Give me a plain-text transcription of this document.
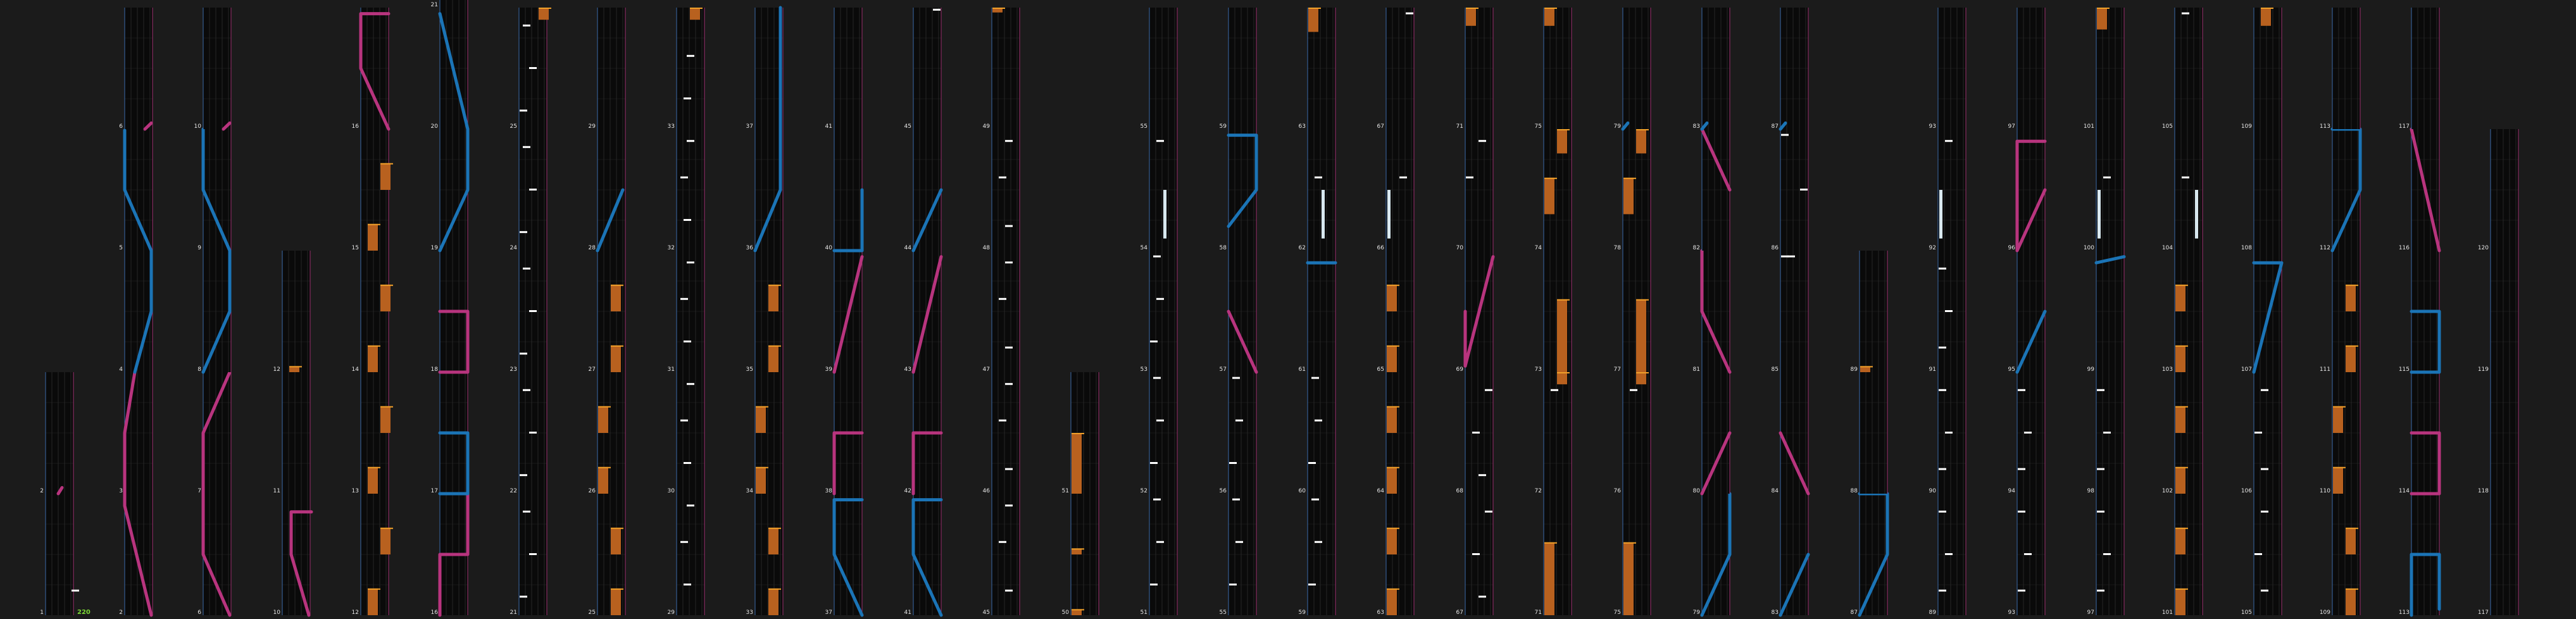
1
2	3
2
4
5
6
6
7
8
9
10
10
11
12
12
13
14
15
16
16
17
18
19
20
21
21
22
23
24
25
25
26
27
28
29
29
30
31
32
33
33
34
35
36
37
37
38
39
40
41
41
42
43
44
45
45
46
47
48
49
50
51
51
52
53
54
55
55
56
57
58
59
59
60
61
62
63
63
64
65
66
67
67
68
69
70
71
71
72
73
74
75
75
76
77
78
79
79
80
81
82
83
83
84
85
86
87
87
88
89
89
90
91
92
93
93
94
95
96
97
97
98
99
100
101
101
102
103
104
105
105
106
107
108
109
109
110
111
112
113
113
114
115
116
117
117
118
119
120
220
